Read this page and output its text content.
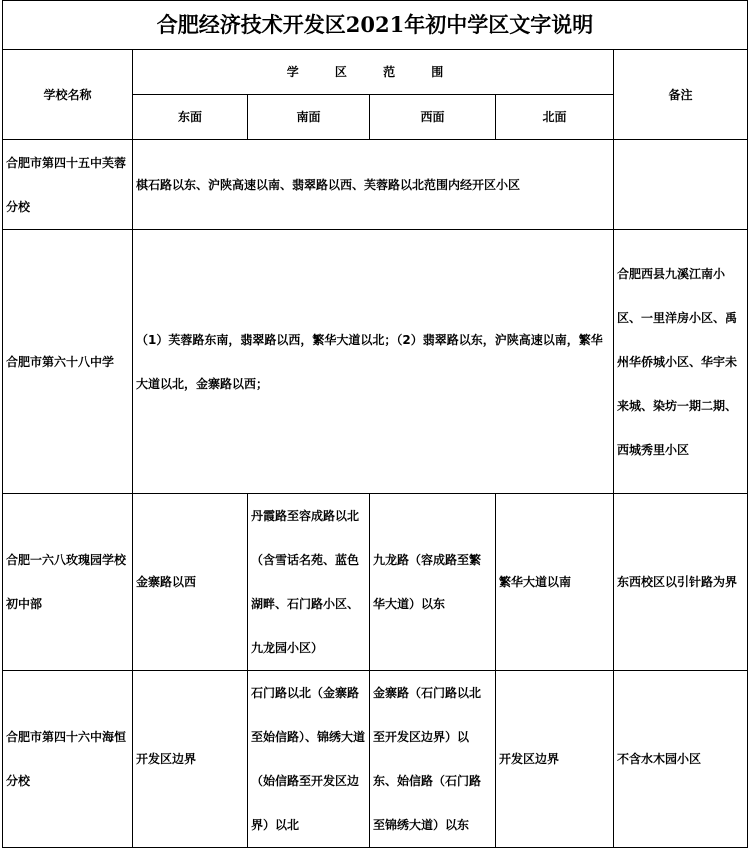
合肥经济技术开发区2021年初中学区文字说明					
学校名称	学 区 范 围				备注
	东面	南面	西面	北面	
合肥市第四十五中芙蓉分校	棋石路以东、沪陕高速以南、翡翠路以西、芙蓉路以北范围内经开区小区				
合肥市第六十八中学	（1）芙蓉路东南，翡翠路以西，繁华大道以北；（2）翡翠路以东，沪陕高速以南，繁华大道以北，金寨路以西；				合肥西县九溪江南小区、一里洋房小区、禹州华侨城小区、华宇未来城、染坊一期二期、西城秀里小区
合肥一六八玫瑰园学校初中部	金寨路以西	丹霞路至容成路以北（含雪话名苑、蓝色湖畔、石门路小区、九龙园小区）	九龙路（容成路至繁华大道）以东	繁华大道以南	东西校区以引针路为界
合肥市第四十六中海恒分校	开发区边界	石门路以北（金寨路至始信路）、锦绣大道（始信路至开发区边界）以北	金寨路（石门路以北至开发区边界）以东、始信路（石门路至锦绣大道）以东	开发区边界	不含水木园小区
